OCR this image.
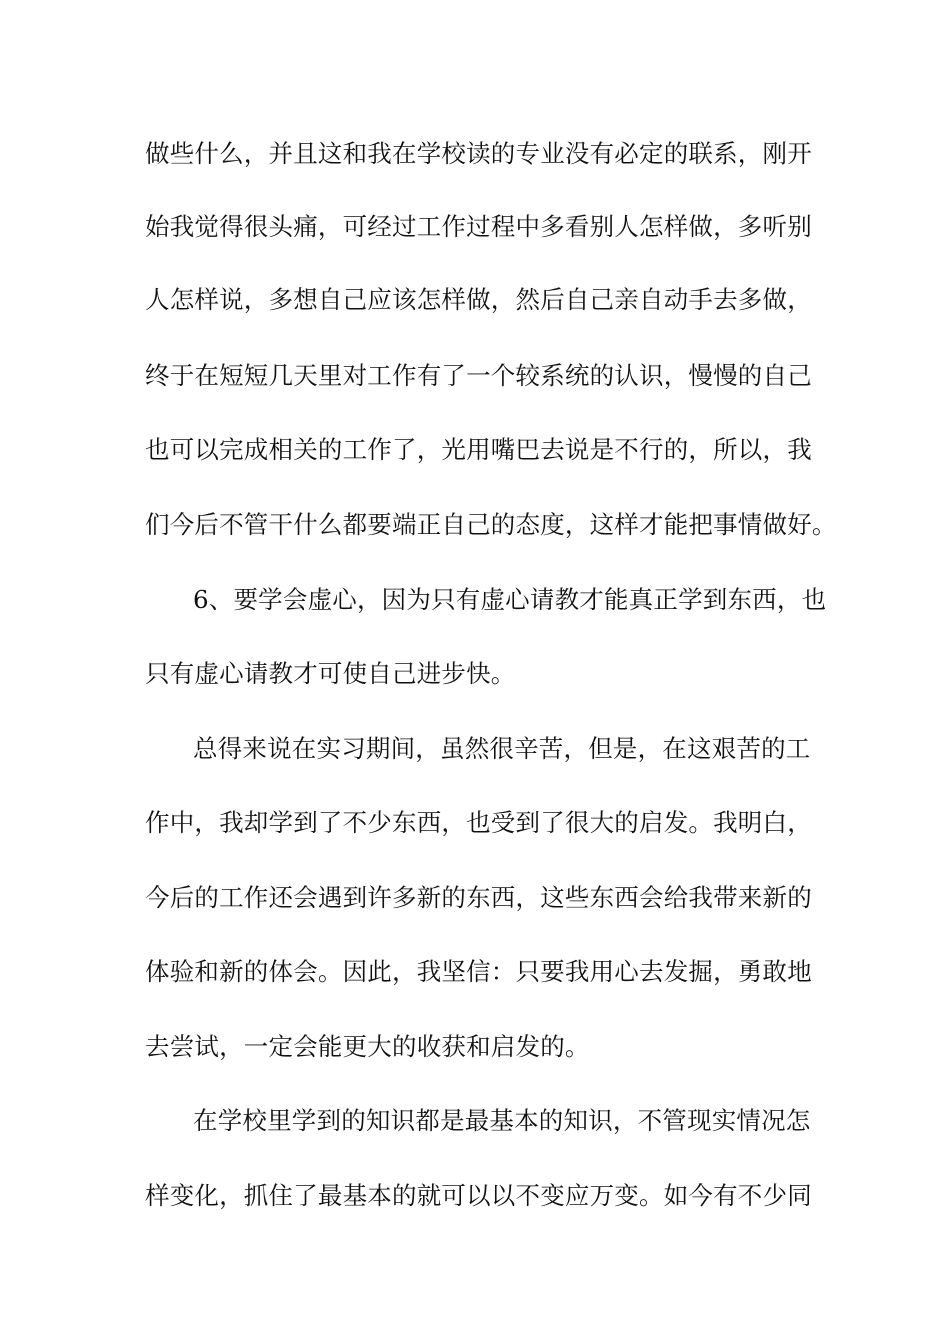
做些什么，并且这和我在学校读的专业没有必定的联系，刚开
始我觉得很头痛，可经过工作过程中多看别人怎样做，多听别
人怎样说，多想自己应该怎样做，然后自己亲自动手去多做，
终于在短短几天里对工作有了一个较系统的认识，慢慢的自己
也可以完成相关的工作了，光用嘴巴去说是不行的，所以，我
们今后不管干什么都要端正自己的态度，这样才能把事情做好。
6、要学会虚心，因为只有虚心请教才能真正学到东西，也
只有虚心请教才可使自己进步快。
总得来说在实习期间，虽然很辛苦，但是，在这艰苦的工
作中，我却学到了不少东西，也受到了很大的启发。我明白，
今后的工作还会遇到许多新的东西，这些东西会给我带来新的
体验和新的体会。因此，我坚信：只要我用心去发掘，勇敢地
去尝试，一定会能更大的收获和启发的。
在学校里学到的知识都是最基本的知识，不管现实情况怎
样变化，抓住了最基本的就可以以不变应万变。如今有不少同
